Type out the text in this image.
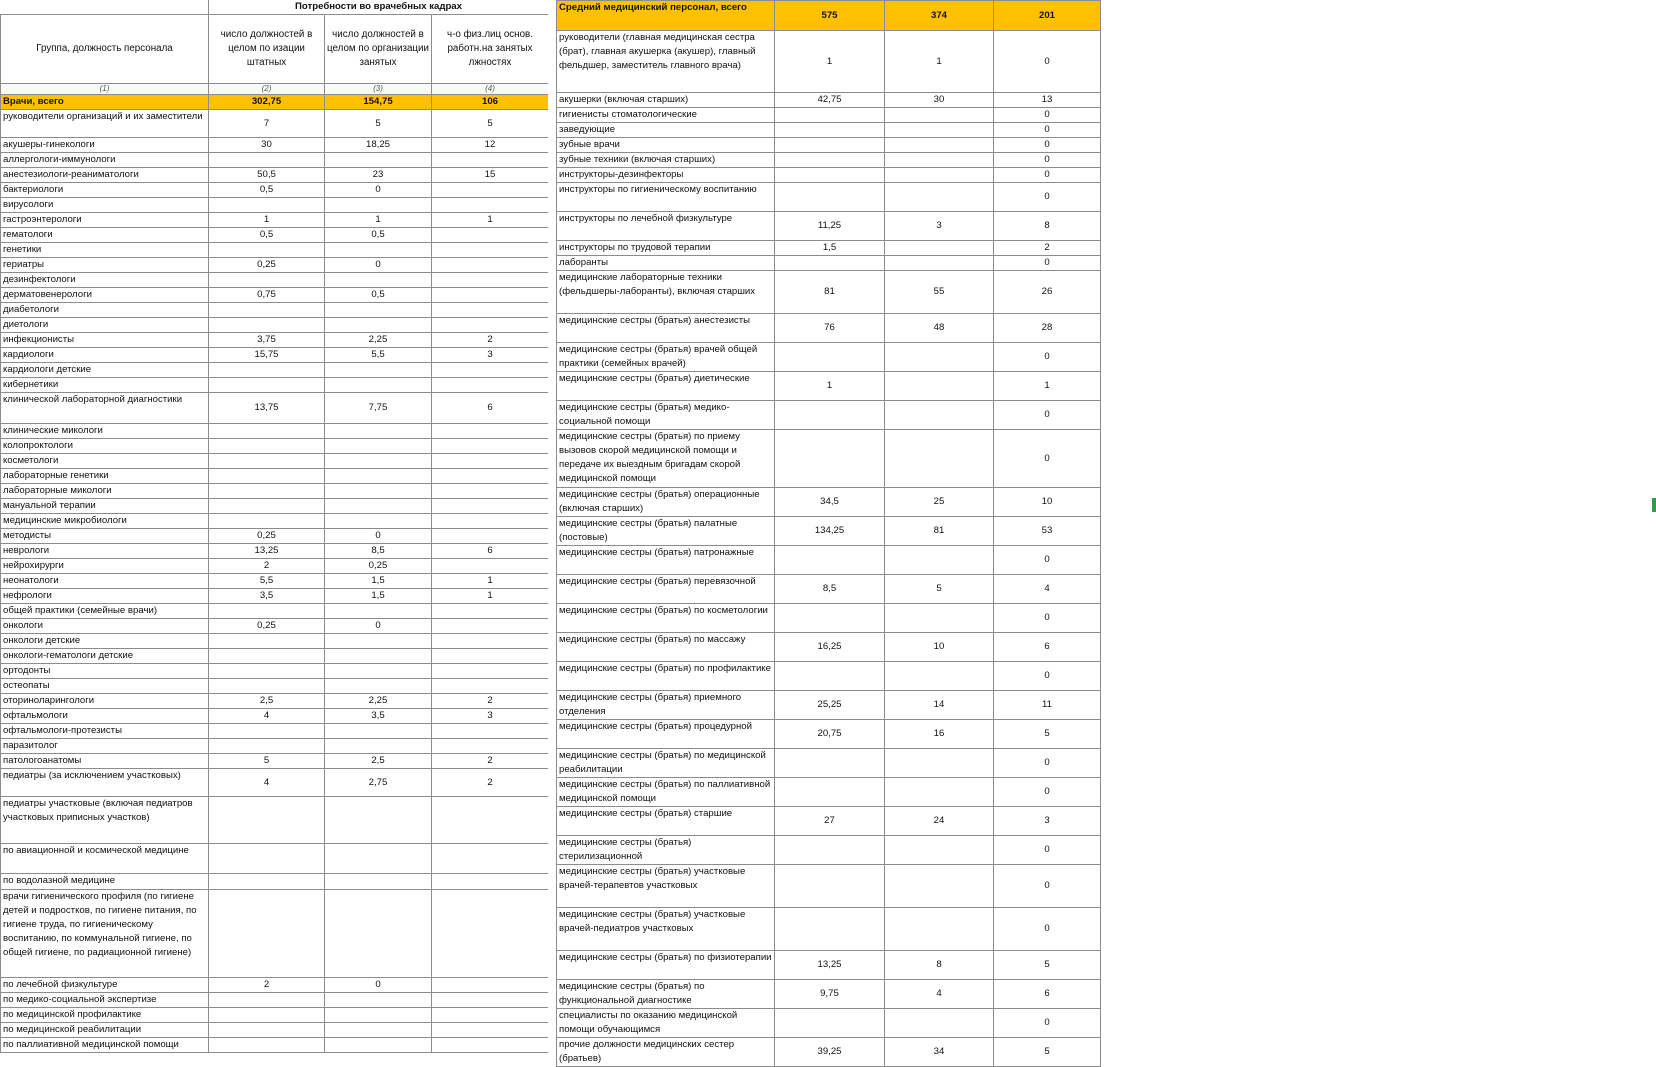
	Потребности во врачебных кадрах		
Группа, должность персонала	число должностей в целом по изации штатных	число должностей в целом по организации занятых	ч-о физ.лиц основ. работн.на занятых лжностях
(1)	(2)	(3)	(4)
Врачи, всего	302,75	154,75	106
руководители организаций и их заместители	7	5	5
акушеры-гинекологи	30	18,25	12
аллергологи-иммунологи			
анестезиологи-реаниматологи	50,5	23	15
бактериологи	0,5	0	
вирусологи			
гастроэнтерологи	1	1	1
гематологи	0,5	0,5	
генетики			
гериатры	0,25	0	
дезинфектологи			
дерматовенерологи	0,75	0,5	
диабетологи			
диетологи			
инфекционисты	3,75	2,25	2
кардиологи	15,75	5,5	3
кардиологи детские			
кибернетики			
клинической лабораторной диагностики	13,75	7,75	6
клинические микологи			
колопроктологи			
косметологи			
лабораторные генетики			
лабораторные микологи			
мануальной терапии			
медицинские микробиологи			
методисты	0,25	0	
неврологи	13,25	8,5	6
нейрохирурги	2	0,25	
неонатологи	5,5	1,5	1
нефрологи	3,5	1,5	1
общей практики (семейные врачи)			
онкологи	0,25	0	
онкологи детские			
онкологи-гематологи детские			
ортодонты			
остеопаты			
оториноларингологи	2,5	2,25	2
офтальмологи	4	3,5	3
офтальмологи-протезисты			
паразитолог			
патологоанатомы	5	2,5	2
педиатры (за исключением участковых)	4	2,75	2
педиатры участковые (включая педиатров участковых приписных участков)			
по авиационной и космической медицине			
по водолазной медицине			
врачи гигиенического профиля (по гигиене детей и подростков, по гигиене питания, по гигиене труда, по гигиеническому воспитанию, по коммунальной гигиене, по общей гигиене, по радиационной гигиене)			
по лечебной физкультуре	2	0	
по медико-социальной экспертизе			
по медицинской профилактике			
по медицинской реабилитации			
по паллиативной медицинской помощи			
Средний медицинский персонал, всего	575	374	201
руководители (главная медицинская сестра (брат), главная акушерка (акушер), главный фельдшер, заместитель главного врача)	1	1	0
акушерки (включая старших)	42,75	30	13
гигиенисты стоматологические			0
заведующие			0
зубные врачи			0
зубные техники (включая старших)			0
инструкторы-дезинфекторы			0
инструкторы по гигиеническому воспитанию			0
инструкторы по лечебной физкультуре	11,25	3	8
инструкторы по трудовой терапии	1,5		2
лаборанты			0
медицинские лабораторные техники (фельдшеры-лаборанты), включая старших	81	55	26
медицинские сестры (братья) анестезисты	76	48	28
медицинские сестры (братья) врачей общей практики (семейных врачей)			0
медицинские сестры (братья) диетические	1		1
медицинские сестры (братья) медико-социальной помощи			0
медицинские сестры (братья) по приему вызовов скорой медицинской помощи и передаче их выездным бригадам скорой медицинской помощи			0
медицинские сестры (братья) операционные (включая старших)	34,5	25	10
медицинские сестры (братья) палатные (постовые)	134,25	81	53
медицинские сестры (братья) патронажные			0
медицинские сестры (братья) перевязочной	8,5	5	4
медицинские сестры (братья) по косметологии			0
медицинские сестры (братья) по массажу	16,25	10	6
медицинские сестры (братья) по профилактике			0
медицинские сестры (братья) приемного отделения	25,25	14	11
медицинские сестры (братья) процедурной	20,75	16	5
медицинские сестры (братья) по медицинской реабилитации			0
медицинские сестры (братья) по паллиативной медицинской помощи			0
медицинские сестры (братья) старшие	27	24	3
медицинские сестры (братья) стерилизационной			0
медицинские сестры (братья) участковые врачей-терапевтов участковых			0
медицинские сестры (братья) участковые врачей-педиатров участковых			0
медицинские сестры (братья) по физиотерапии	13,25	8	5
медицинские сестры (братья) по функциональной диагностике	9,75	4	6
специалисты по оказанию медицинской помощи обучающимся			0
прочие должности медицинских сестер (братьев)	39,25	34	5
